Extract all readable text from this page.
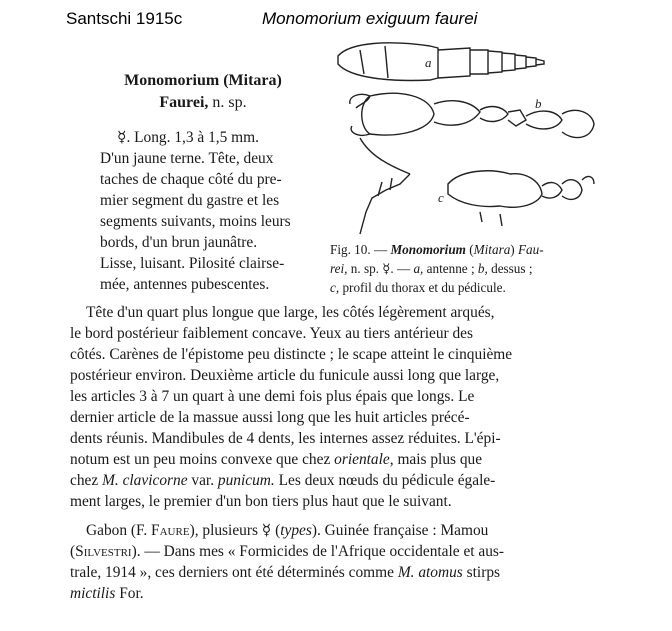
Santschi 1915c	Monomorium exiguum faurei
Monomorium (Mitara)
Faurei, n. sp.
☿. Long. 1,3 à 1,5 mm.
D'un jaune terne. Tête, deux
taches de chaque côté du pre-
mier segment du gastre et les
segments suivants, moins leurs
bords, d'un brun jaunâtre.
Lisse, luisant. Pilosité clairse-
mée, antennes pubescentes.
a
b
c
Fig. 10. — Monomorium (Mitara) Fau-
rei, n. sp. ☿. — a, antenne ; b, dessus ;
c, profil du thorax et du pédicule.
Tête d'un quart plus longue que large, les côtés légèrement arqués,
le bord postérieur faiblement concave. Yeux au tiers antérieur des
côtés. Carènes de l'épistome peu distincte ; le scape atteint le cinquième
postérieur environ. Deuxième article du funicule aussi long que large,
les articles 3 à 7 un quart à une demi fois plus épais que longs. Le
dernier article de la massue aussi long que les huit articles précé-
dents réunis. Mandibules de 4 dents, les internes assez réduites. L'épi-
notum est un peu moins convexe que chez orientale, mais plus que
chez M. clavicorne var. punicum. Les deux nœuds du pédicule égale-
ment larges, le premier d'un bon tiers plus haut que le suivant.
Gabon (F. Faure), plusieurs ☿ (types). Guinée française : Mamou
(Silvestri). — Dans mes « Formicides de l'Afrique occidentale et aus-
trale, 1914 », ces derniers ont été déterminés comme M. atomus stirps
mictilis For.
